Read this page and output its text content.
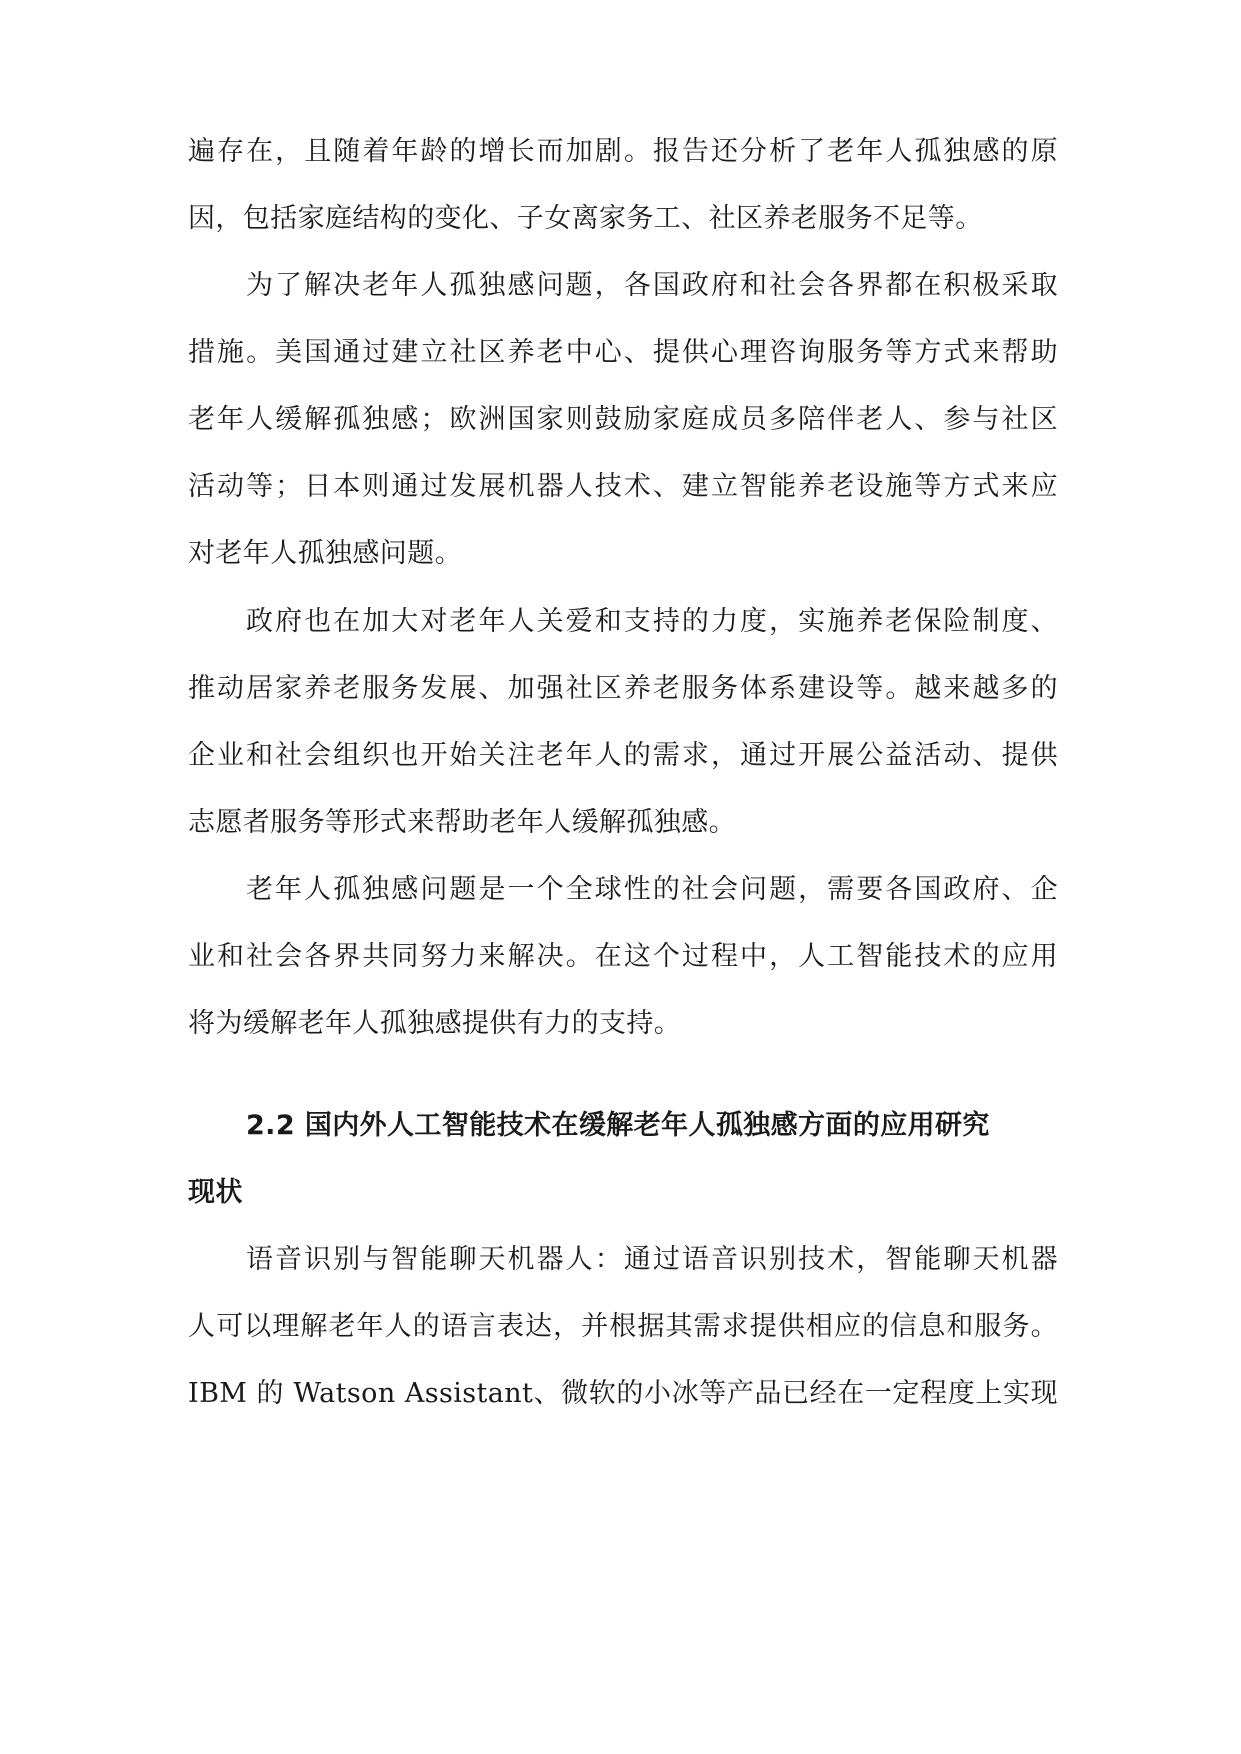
遍存在，且随着年龄的增长而加剧。报告还分析了老年人孤独感的原
因，包括家庭结构的变化、子女离家务工、社区养老服务不足等。
为了解决老年人孤独感问题，各国政府和社会各界都在积极采取
措施。美国通过建立社区养老中心、提供心理咨询服务等方式来帮助
老年人缓解孤独感；欧洲国家则鼓励家庭成员多陪伴老人、参与社区
活动等；日本则通过发展机器人技术、建立智能养老设施等方式来应
对老年人孤独感问题。
政府也在加大对老年人关爱和支持的力度，实施养老保险制度、
推动居家养老服务发展、加强社区养老服务体系建设等。越来越多的
企业和社会组织也开始关注老年人的需求，通过开展公益活动、提供
志愿者服务等形式来帮助老年人缓解孤独感。
老年人孤独感问题是一个全球性的社会问题，需要各国政府、企
业和社会各界共同努力来解决。在这个过程中，人工智能技术的应用
将为缓解老年人孤独感提供有力的支持。
2.2 国内外人工智能技术在缓解老年人孤独感方面的应用研究
现状
语音识别与智能聊天机器人：通过语音识别技术，智能聊天机器
人可以理解老年人的语言表达，并根据其需求提供相应的信息和服务。
IBM 的 Watson Assistant、微软的小冰等产品已经在一定程度上实现
